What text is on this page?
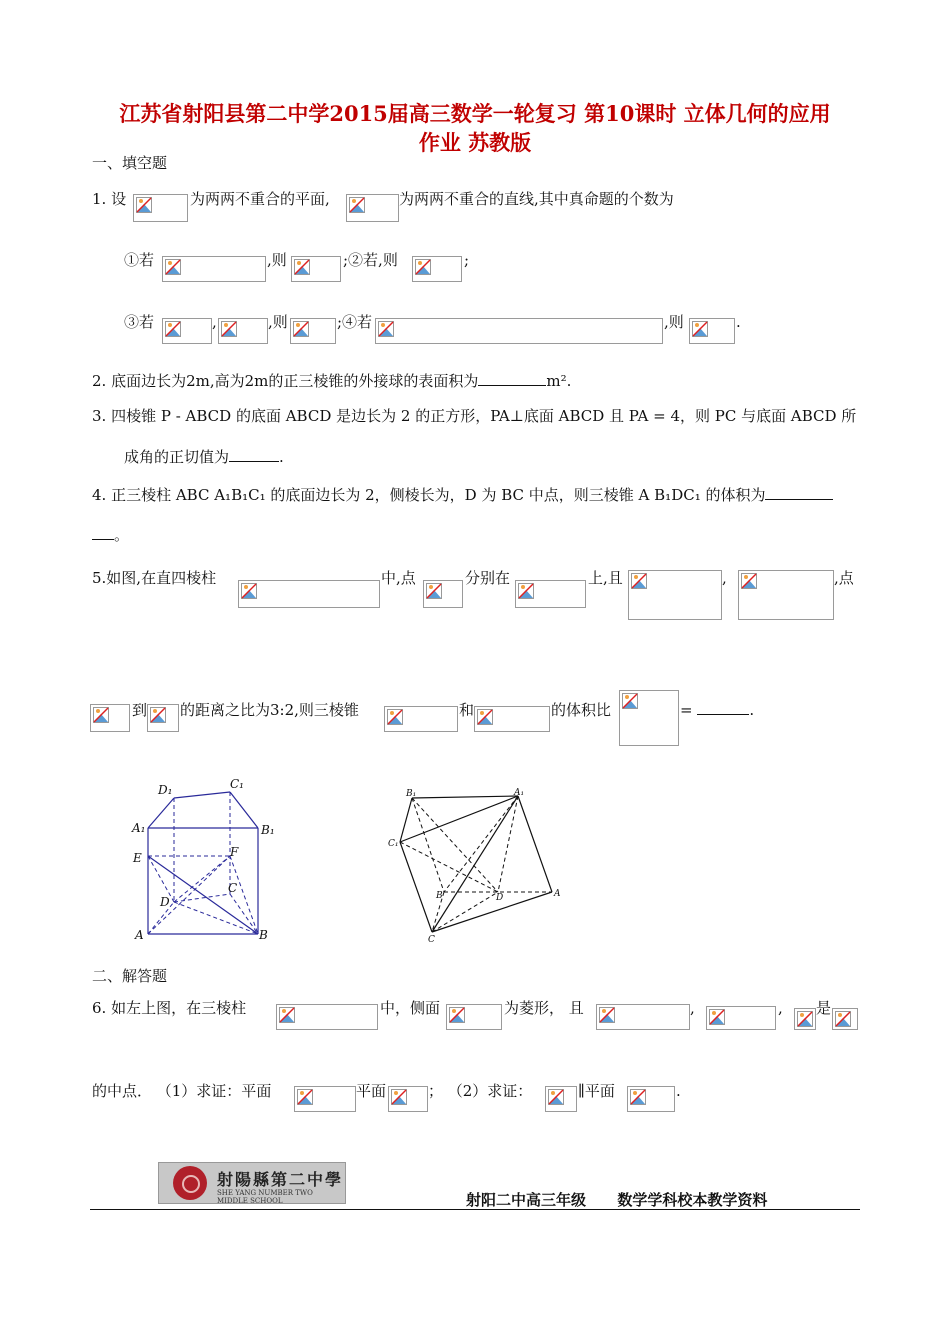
江苏省射阳县第二中学2015届高三数学一轮复习 第10课时 立体几何的应用
作业 苏教版
一、填空题
1. 设	为两两不重合的平面,	为两两不重合的直线,其中真命题的个数为
①若	,则	;②若,则	;
③若	,	,则	;④若	,则	.
2. 底面边长为2m,高为2m的正三棱锥的外接球的表面积为	m².
3. 四棱锥 P - ABCD 的底面 ABCD 是边长为 2 的正方形，PA⊥底面 ABCD 且 PA = 4，则 PC 与底面 ABCD 所
成角的正切值为	.
4. 正三棱柱 ABC A₁B₁C₁ 的底面边长为 2，侧棱长为，D 为 BC 中点，则三棱锥 A B₁DC₁ 的体积为
。
5.如图,在直四棱柱	中,点	分别在	上,且	,	,点
到 的距离之比为3:2,则三棱锥	和	的体积比	=	.
D₁	C₁
A₁	B₁
E	F
C
D
A	B
B₁	A₁
C₁
B	D	A
C
二、解答题
6. 如左上图，在三棱柱	中，侧面	为菱形， 且	,	, 是
的中点． （1）求证：平面	平面	； （2）求证：	∥平面	.
射陽縣第二中學
SHE YANG NUMBER TWO MIDDLE SCHOOL	射阳二中高三年级      数学学科校本教学资料
